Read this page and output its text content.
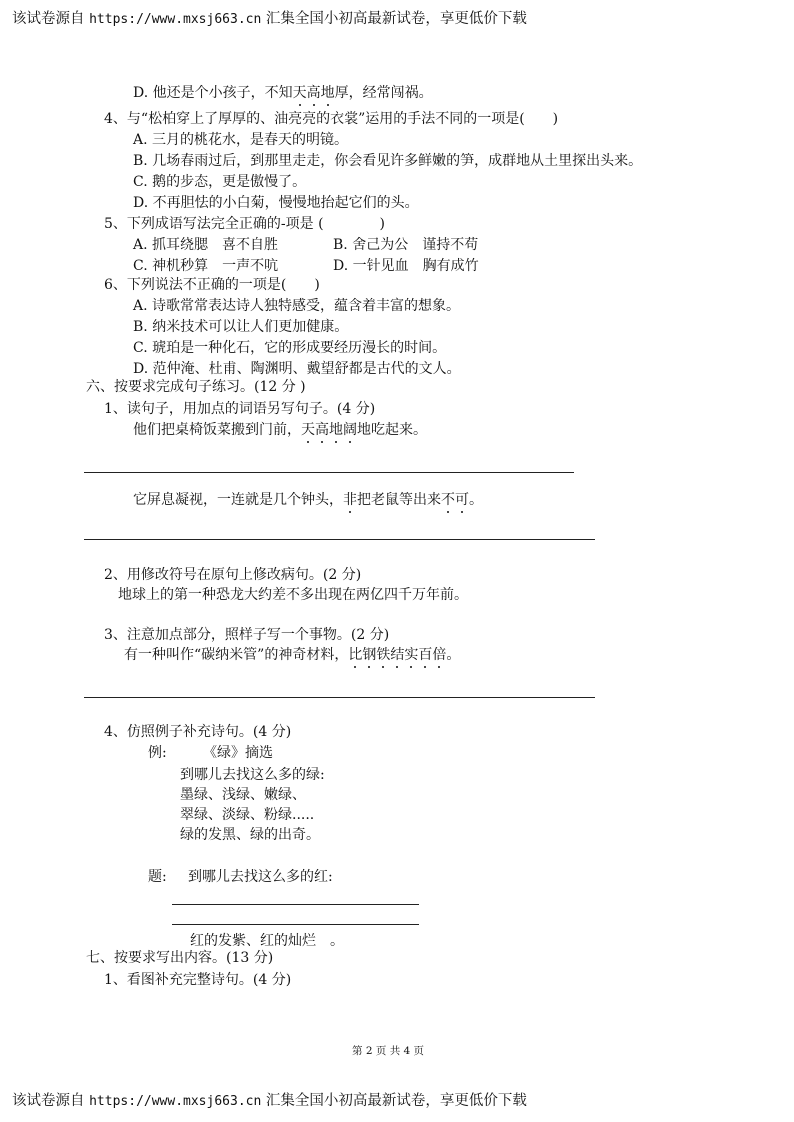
该试卷源自 https://www.mxsj663.cn 汇集全国小初高最新试卷，享更低价下载
D. 他还是个小孩子，不知天高地厚，经常闯祸。
4、与“松柏穿上了厚厚的、油亮亮的衣裳”运用的手法不同的一项是(　　)
A. 三月的桃花水，是春天的明镜。
B. 几场春雨过后，到那里走走，你会看见许多鲜嫩的笋，成群地从土里探出头来。
C. 鹅的步态，更是傲慢了。
D. 不再胆怯的小白菊，慢慢地抬起它们的头。
5、下列成语写法完全正确的-项是 (　　　　)
A. 抓耳绕腮　喜不自胜	B. 舍己为公　谨持不苟
C. 神机秒算　一声不吭	D. 一针见血　胸有成竹
6、下列说法不正确的一项是(　　)
A. 诗歌常常表达诗人独特感受，蕴含着丰富的想象。
B. 纳米技术可以让人们更加健康。
C. 琥珀是一种化石，它的形成要经历漫长的时间。
D. 范仲淹、杜甫、陶渊明、戴望舒都是古代的文人。
六、按要求完成句子练习。(12 分 )
1、读句子，用加点的词语另写句子。(4 分)
他们把桌椅饭菜搬到门前，天高地阔地吃起来。
它屏息凝视，一连就是几个钟头，非把老鼠等出来不可。
2、用修改符号在原句上修改病句。(2 分)
地球上的第一种恐龙大约差不多出现在两亿四千万年前。
3、注意加点部分，照样子写一个事物。(2 分)
有一种叫作“碳纳米管”的神奇材料，比钢铁结实百倍。
4、仿照例子补充诗句。(4 分)
例:	《绿》摘选
到哪儿去找这么多的绿:
墨绿、浅绿、嫩绿、
翠绿、淡绿、粉绿.....
绿的发黑、绿的出奇。
题: 到哪儿去找这么多的红:
红的发紫、红的灿烂　。
七、按要求写出内容。(13 分)
1、看图补充完整诗句。(4 分)
第 2 页 共 4 页
该试卷源自 https://www.mxsj663.cn 汇集全国小初高最新试卷，享更低价下载
